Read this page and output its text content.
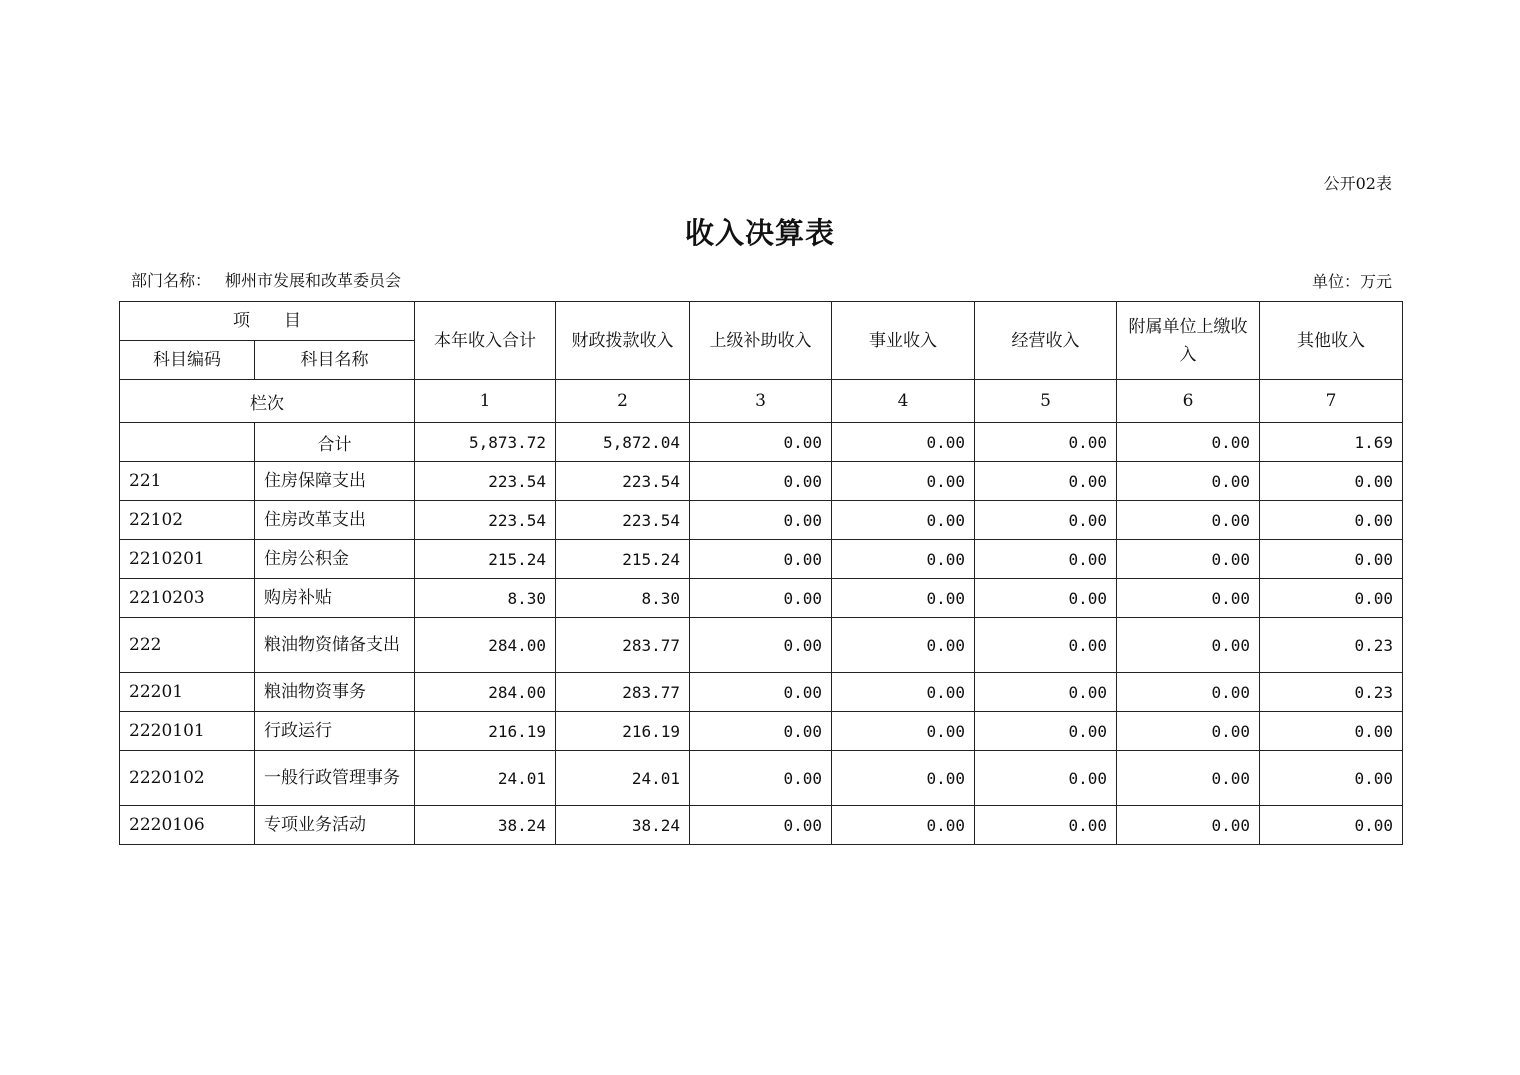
公开02表
收入决算表
部门名称： 柳州市发展和改革委员会	单位：万元
项　　目		本年收入合计	财政拨款收入	上级补助收入	事业收入	经营收入	附属单位上缴收入	其他收入
科目编码	科目名称							
栏次		1	2	3	4	5	6	7
	合计	5,873.72	5,872.04	0.00	0.00	0.00	0.00	1.69
221	住房保障支出	223.54	223.54	0.00	0.00	0.00	0.00	0.00
22102	住房改革支出	223.54	223.54	0.00	0.00	0.00	0.00	0.00
2210201	住房公积金	215.24	215.24	0.00	0.00	0.00	0.00	0.00
2210203	购房补贴	8.30	8.30	0.00	0.00	0.00	0.00	0.00
222	粮油物资储备支出	284.00	283.77	0.00	0.00	0.00	0.00	0.23
22201	粮油物资事务	284.00	283.77	0.00	0.00	0.00	0.00	0.23
2220101	行政运行	216.19	216.19	0.00	0.00	0.00	0.00	0.00
2220102	一般行政管理事务	24.01	24.01	0.00	0.00	0.00	0.00	0.00
2220106	专项业务活动	38.24	38.24	0.00	0.00	0.00	0.00	0.00
